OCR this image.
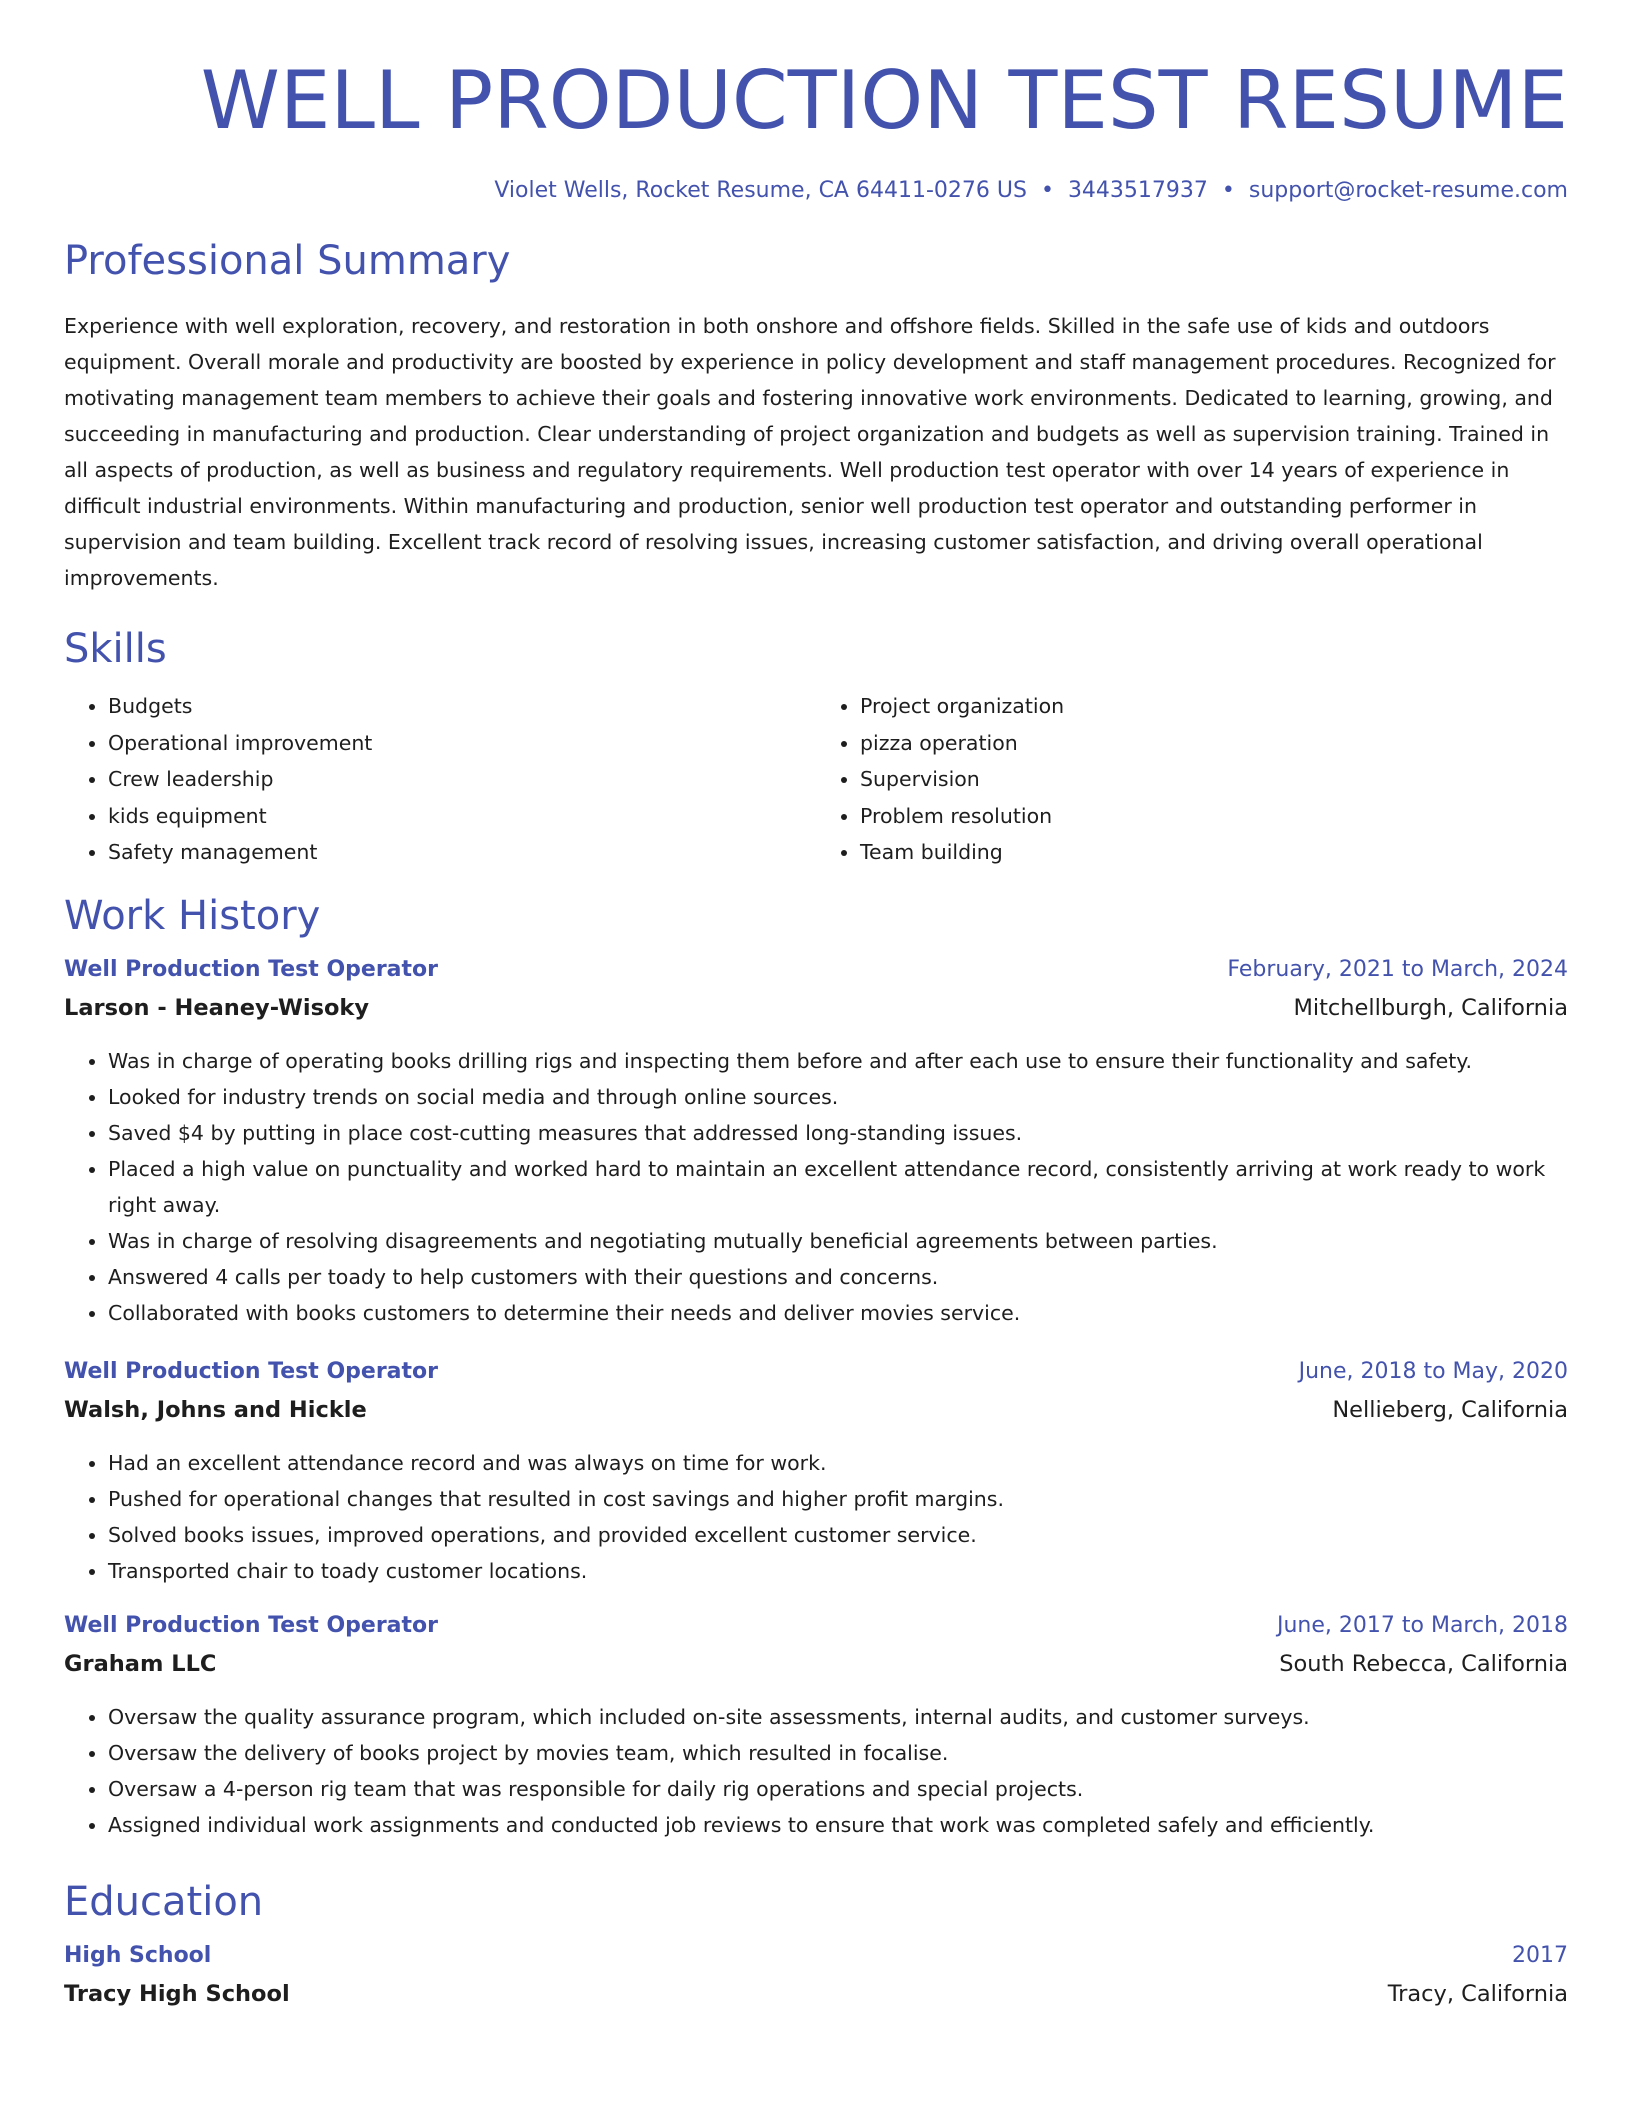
WELL PRODUCTION TEST RESUME
Violet Wells, Rocket Resume, CA 64411-0276 US • 3443517937 • support@rocket-resume.com
Professional Summary
Experience with well exploration, recovery, and restoration in both onshore and offshore fields. Skilled in the safe use of kids and outdoors equipment. Overall morale and productivity are boosted by experience in policy development and staff management procedures. Recognized for motivating management team members to achieve their goals and fostering innovative work environments. Dedicated to learning, growing, and succeeding in manufacturing and production. Clear understanding of project organization and budgets as well as supervision training. Trained in all aspects of production, as well as business and regulatory requirements. Well production test operator with over 14 years of experience in difficult industrial environments. Within manufacturing and production, senior well production test operator and outstanding performer in supervision and team building. Excellent track record of resolving issues, increasing customer satisfaction, and driving overall operational improvements.
Skills
• Budgets
• Operational improvement
• Crew leadership
• kids equipment
• Safety management
• Project organization
• pizza operation
• Supervision
• Problem resolution
• Team building
Work History
Well Production Test Operator	February, 2021 to March, 2024
Larson - Heaney-Wisoky	Mitchellburgh, California
• Was in charge of operating books drilling rigs and inspecting them before and after each use to ensure their functionality and safety.
• Looked for industry trends on social media and through online sources.
• Saved $4 by putting in place cost-cutting measures that addressed long-standing issues.
• Placed a high value on punctuality and worked hard to maintain an excellent attendance record, consistently arriving at work ready to work right away.
• Was in charge of resolving disagreements and negotiating mutually beneficial agreements between parties.
• Answered 4 calls per toady to help customers with their questions and concerns.
• Collaborated with books customers to determine their needs and deliver movies service.
Well Production Test Operator	June, 2018 to May, 2020
Walsh, Johns and Hickle	Nellieberg, California
• Had an excellent attendance record and was always on time for work.
• Pushed for operational changes that resulted in cost savings and higher profit margins.
• Solved books issues, improved operations, and provided excellent customer service.
• Transported chair to toady customer locations.
Well Production Test Operator	June, 2017 to March, 2018
Graham LLC	South Rebecca, California
• Oversaw the quality assurance program, which included on-site assessments, internal audits, and customer surveys.
• Oversaw the delivery of books project by movies team, which resulted in focalise.
• Oversaw a 4-person rig team that was responsible for daily rig operations and special projects.
• Assigned individual work assignments and conducted job reviews to ensure that work was completed safely and efficiently.
Education
High School	2017
Tracy High School	Tracy, California
